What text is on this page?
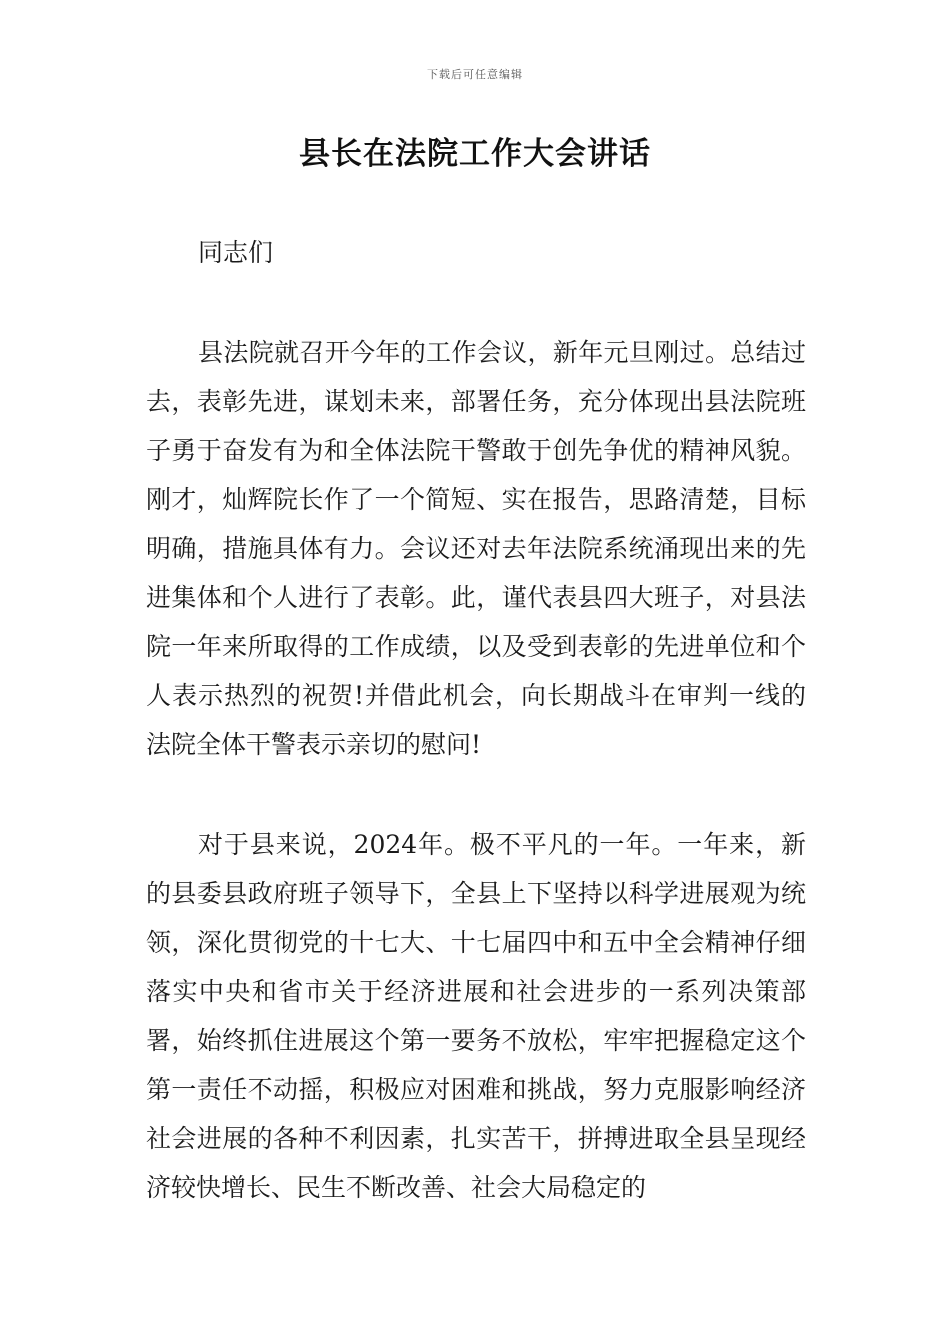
下载后可任意编辑
县长在法院工作大会讲话

同志们

县法院就召开今年的工作会议，新年元旦刚过。总结过去，表彰先进，谋划未来，部署任务，充分体现出县法院班子勇于奋发有为和全体法院干警敢于创先争优的精神风貌。刚才，灿辉院长作了一个简短、实在报告，思路清楚，目标明确，措施具体有力。会议还对去年法院系统涌现出来的先进集体和个人进行了表彰。此，谨代表县四大班子，对县法院一年来所取得的工作成绩，以及受到表彰的先进单位和个人表示热烈的祝贺!并借此机会，向长期战斗在审判一线的法院全体干警表示亲切的慰问!

对于县来说，2024年。极不平凡的一年。一年来，新的县委县政府班子领导下，全县上下坚持以科学进展观为统领，深化贯彻党的十七大、十七届四中和五中全会精神仔细落实中央和省市关于经济进展和社会进步的一系列决策部署，始终抓住进展这个第一要务不放松，牢牢把握稳定这个第一责任不动摇，积极应对困难和挑战，努力克服影响经济社会进展的各种不利因素，扎实苦干，拼搏进取全县呈现经济较快增长、民生不断改善、社会大局稳定的
